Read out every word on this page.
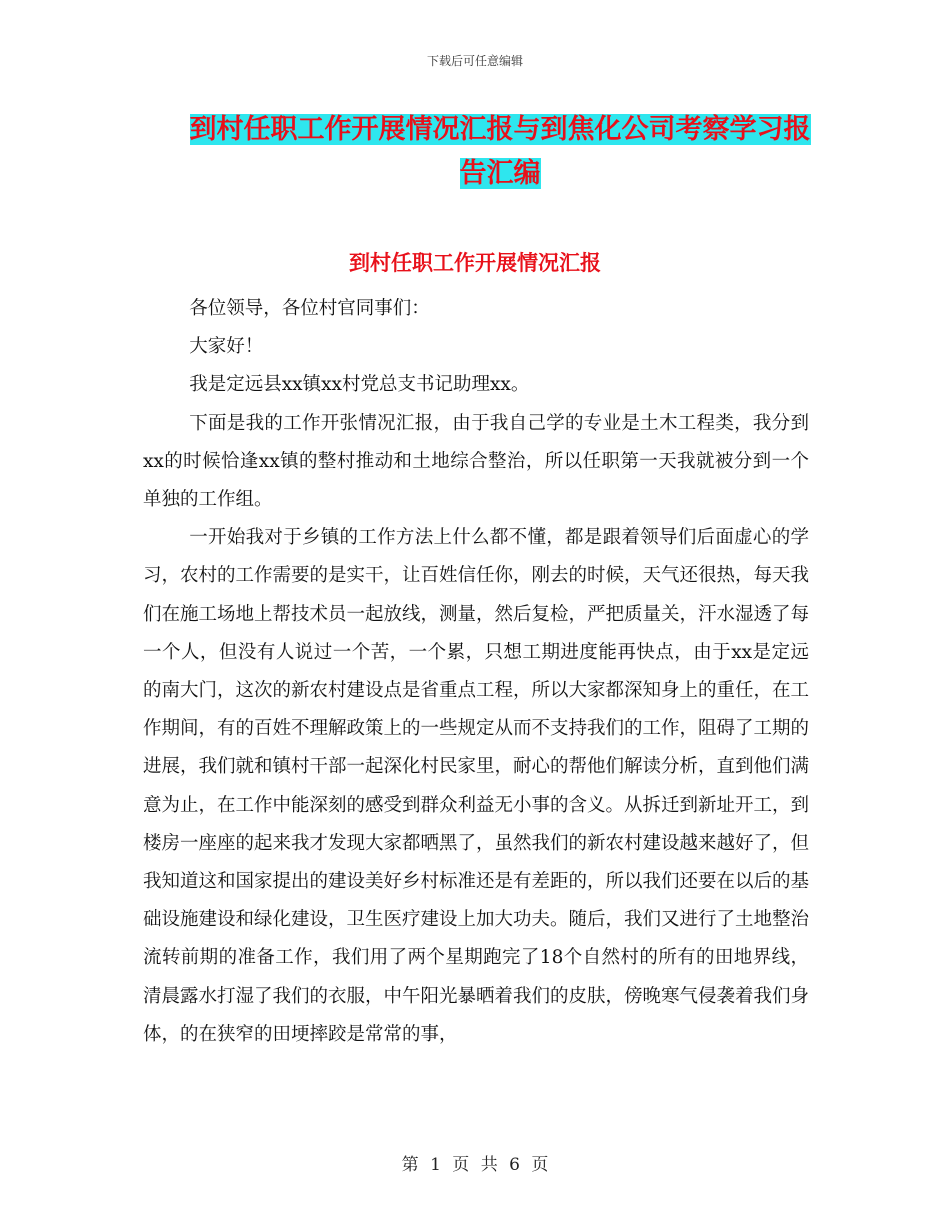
下载后可任意编辑
到村任职工作开展情况汇报与到焦化公司考察学习报
告汇编
到村任职工作开展情况汇报

各位领导，各位村官同事们：

大家好！

我是定远县xx镇xx村党总支书记助理xx。

下面是我的工作开张情况汇报，由于我自己学的专业是土木工程类，我分到xx的时候恰逢xx镇的整村推动和土地综合整治，所以任职第一天我就被分到一个单独的工作组。

一开始我对于乡镇的工作方法上什么都不懂，都是跟着领导们后面虚心的学习，农村的工作需要的是实干，让百姓信任你，刚去的时候，天气还很热，每天我们在施工场地上帮技术员一起放线，测量，然后复检，严把质量关，汗水湿透了每一个人，但没有人说过一个苦，一个累，只想工期进度能再快点，由于xx是定远的南大门，这次的新农村建设点是省重点工程，所以大家都深知身上的重任，在工作期间，有的百姓不理解政策上的一些规定从而不支持我们的工作，阻碍了工期的进展，我们就和镇村干部一起深化村民家里，耐心的帮他们解读分析，直到他们满意为止，在工作中能深刻的感受到群众利益无小事的含义。从拆迁到新址开工，到楼房一座座的起来我才发现大家都晒黑了，虽然我们的新农村建设越来越好了，但我知道这和国家提出的建设美好乡村标准还是有差距的，所以我们还要在以后的基础设施建设和绿化建设，卫生医疗建设上加大功夫。随后，我们又进行了土地整治流转前期的准备工作，我们用了两个星期跑完了18个自然村的所有的田地界线，清晨露水打湿了我们的衣服，中午阳光暴晒着我们的皮肤，傍晚寒气侵袭着我们身体，的在狭窄的田埂摔跤是常常的事，

第 1 页 共 6 页
